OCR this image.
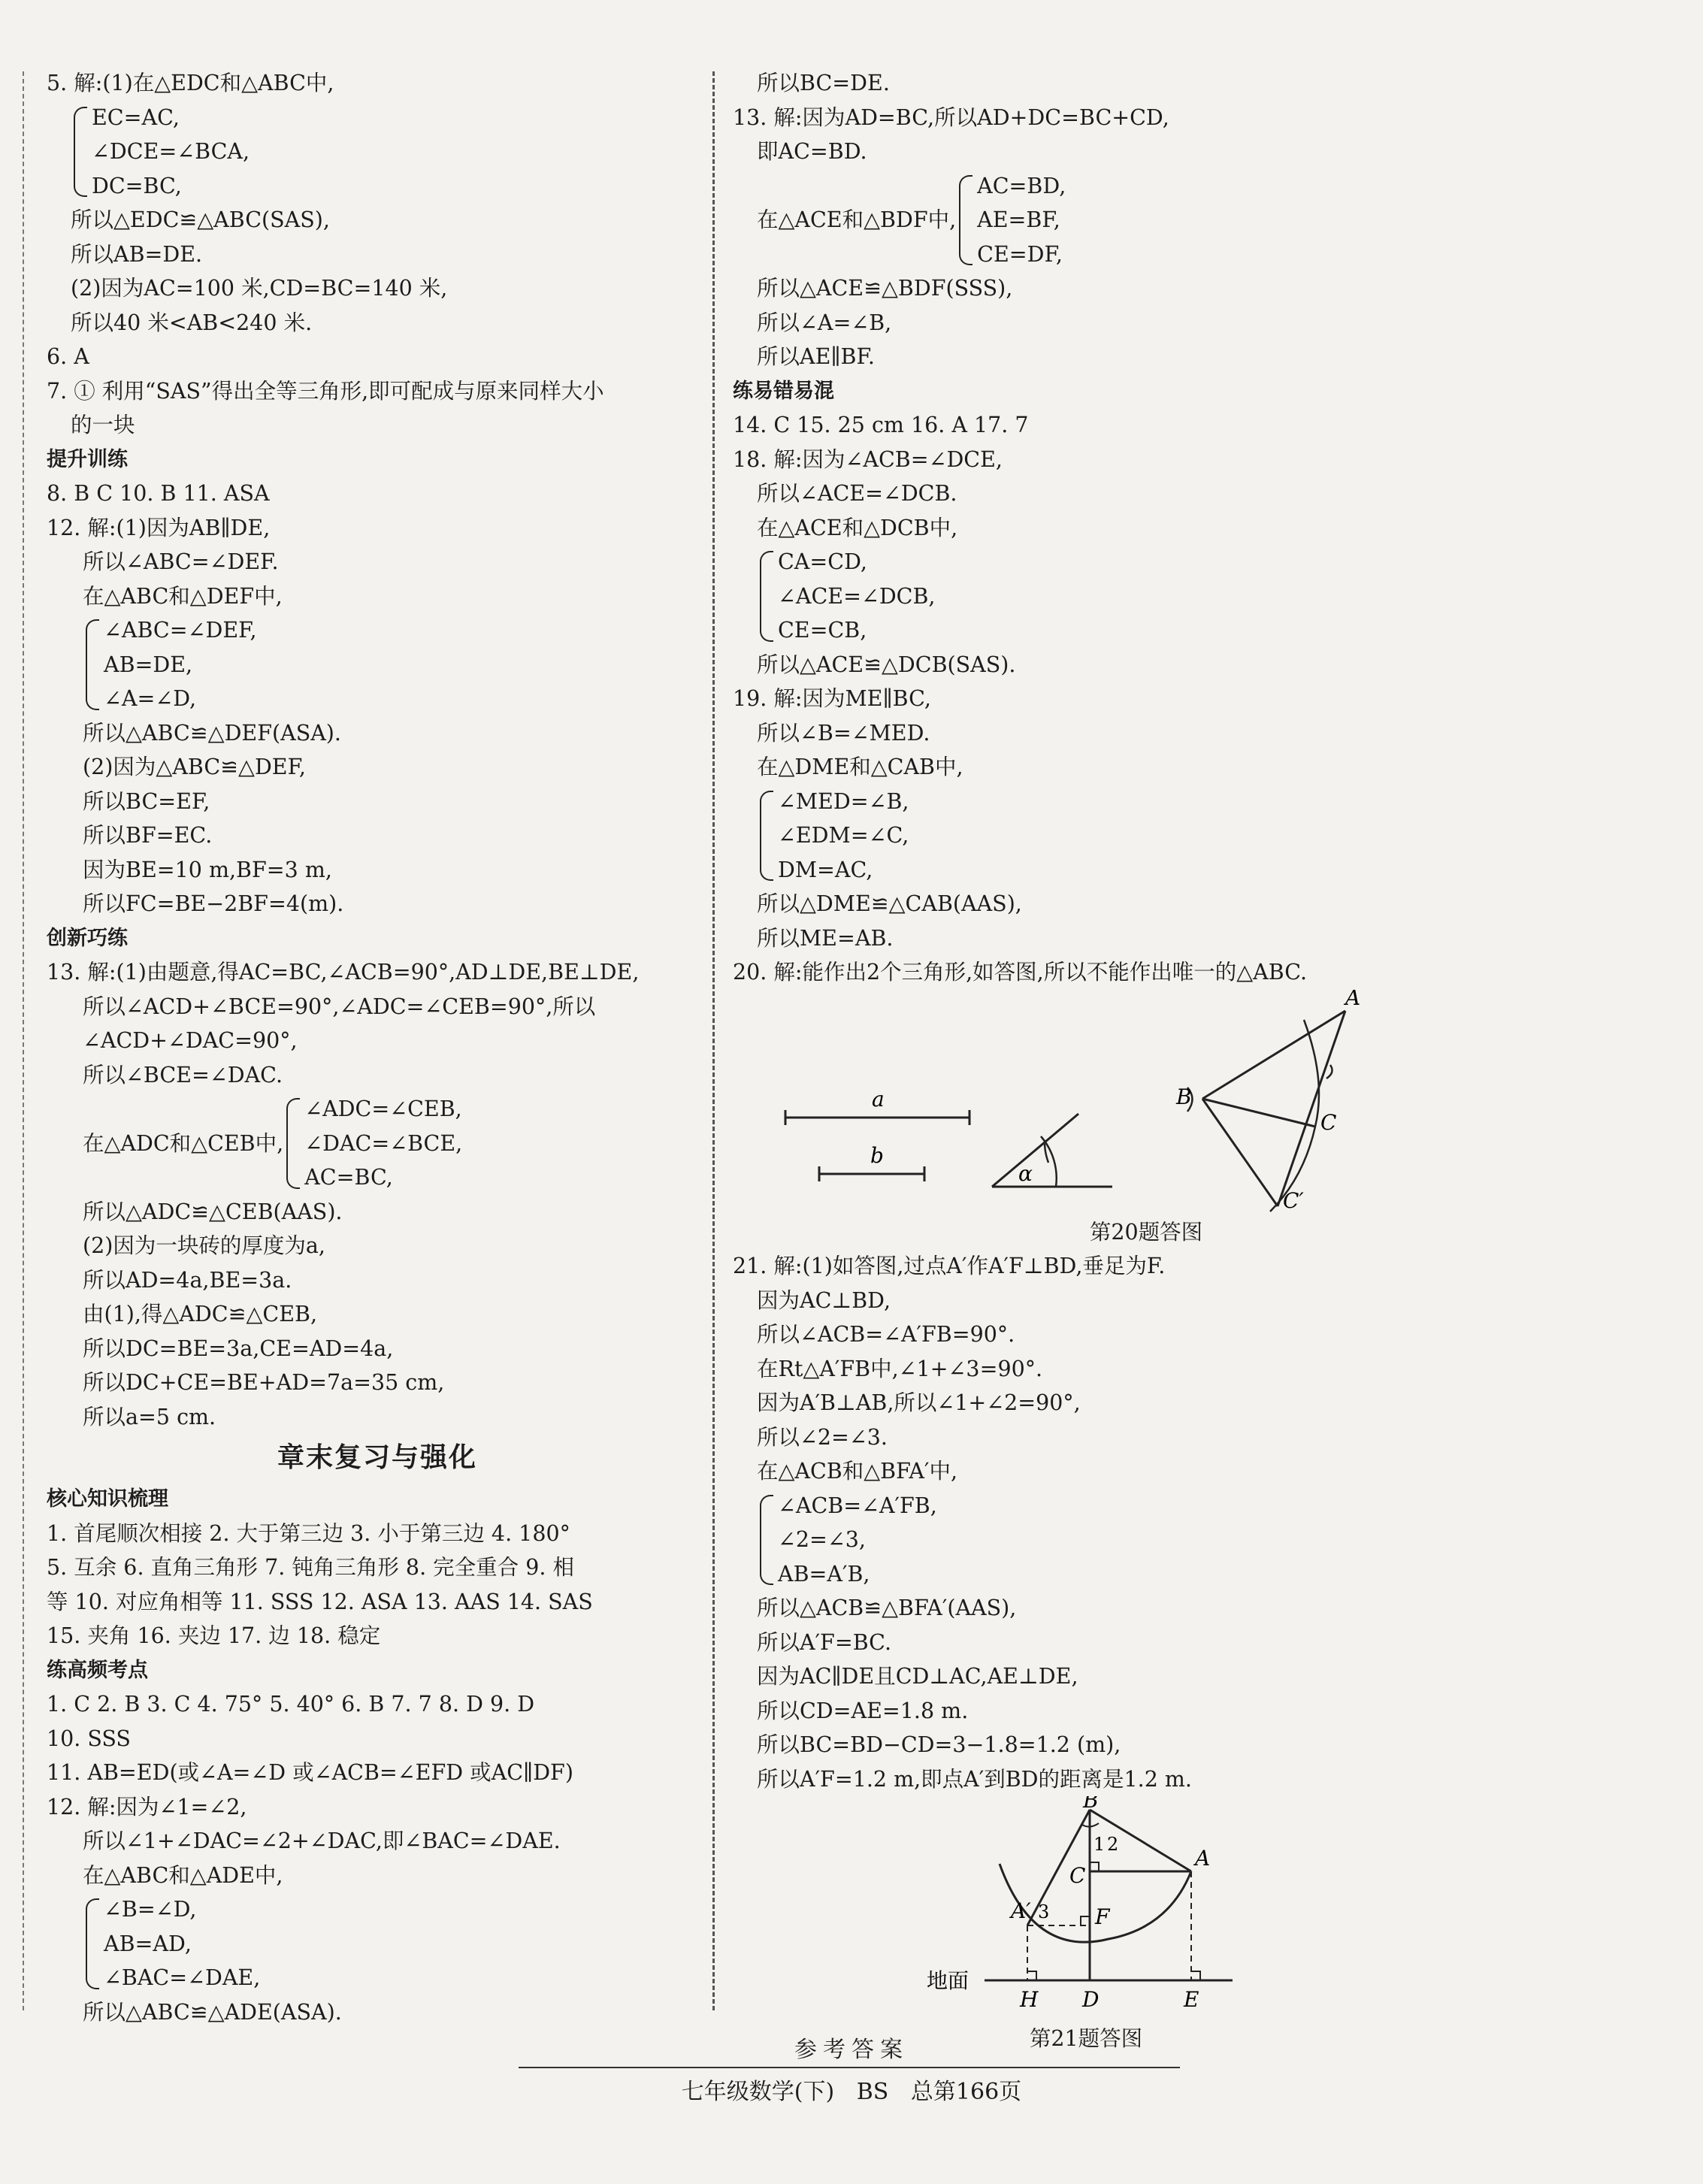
5. 解:(1)在△EDC和△ABC中,
EC=AC,
∠DCE=∠BCA,
DC=BC,
所以△EDC≌△ABC(SAS),
所以AB=DE.
(2)因为AC=100 米,CD=BC=140 米,
所以40 米<AB<240 米.
6. A
7. ① 利用“SAS”得出全等三角形,即可配成与原来同样大小
的一块
提升训练
8. B C 10. B 11. ASA
12. 解:(1)因为AB∥DE,
所以∠ABC=∠DEF.
在△ABC和△DEF中,
∠ABC=∠DEF,
AB=DE,
∠A=∠D,
所以△ABC≌△DEF(ASA).
(2)因为△ABC≌△DEF,
所以BC=EF,
所以BF=EC.
因为BE=10 m,BF=3 m,
所以FC=BE−2BF=4(m).
创新巧练
13. 解:(1)由题意,得AC=BC,∠ACB=90°,AD⊥DE,BE⊥DE,
所以∠ACD+∠BCE=90°,∠ADC=∠CEB=90°,所以
∠ACD+∠DAC=90°,
所以∠BCE=∠DAC.
在△ADC和△CEB中,
∠ADC=∠CEB,
∠DAC=∠BCE,
AC=BC,
所以△ADC≌△CEB(AAS).
(2)因为一块砖的厚度为a,
所以AD=4a,BE=3a.
由(1),得△ADC≌△CEB,
所以DC=BE=3a,CE=AD=4a,
所以DC+CE=BE+AD=7a=35 cm,
所以a=5 cm.
章末复习与强化
核心知识梳理
1. 首尾顺次相接 2. 大于第三边 3. 小于第三边 4. 180°
5. 互余 6. 直角三角形 7. 钝角三角形 8. 完全重合 9. 相
等 10. 对应角相等 11. SSS 12. ASA 13. AAS 14. SAS
15. 夹角 16. 夹边 17. 边 18. 稳定
练高频考点
1. C 2. B 3. C 4. 75° 5. 40° 6. B 7. 7 8. D 9. D
10. SSS
11. AB=ED(或∠A=∠D 或∠ACB=∠EFD 或AC∥DF)
12. 解:因为∠1=∠2,
所以∠1+∠DAC=∠2+∠DAC,即∠BAC=∠DAE.
在△ABC和△ADE中,
∠B=∠D,
AB=AD,
∠BAC=∠DAE,
所以△ABC≌△ADE(ASA).
所以BC=DE.
13. 解:因为AD=BC,所以AD+DC=BC+CD,
即AC=BD.
在△ACE和△BDF中,
AC=BD,
AE=BF,
CE=DF,
所以△ACE≌△BDF(SSS),
所以∠A=∠B,
所以AE∥BF.
练易错易混
14. C 15. 25 cm 16. A 17. 7
18. 解:因为∠ACB=∠DCE,
所以∠ACE=∠DCB.
在△ACE和△DCB中,
CA=CD,
∠ACE=∠DCB,
CE=CB,
所以△ACE≌△DCB(SAS).
19. 解:因为ME∥BC,
所以∠B=∠MED.
在△DME和△CAB中,
∠MED=∠B,
∠EDM=∠C,
DM=AC,
所以△DME≌△CAB(AAS),
所以ME=AB.
20. 解:能作出2个三角形,如答图,所以不能作出唯一的△ABC.
a
b
α
A
B
C
C′
第20题答图
21. 解:(1)如答图,过点A′作A′F⊥BD,垂足为F.
因为AC⊥BD,
所以∠ACB=∠A′FB=90°.
在Rt△A′FB中,∠1+∠3=90°.
因为A′B⊥AB,所以∠1+∠2=90°,
所以∠2=∠3.
在△ACB和△BFA′中,
∠ACB=∠A′FB,
∠2=∠3,
AB=A′B,
所以△ACB≌△BFA′(AAS),
所以A′F=BC.
因为AC∥DE且CD⊥AC,AE⊥DE,
所以CD=AE=1.8 m.
所以BC=BD−CD=3−1.8=1.2 (m),
所以A′F=1.2 m,即点A′到BD的距离是1.2 m.
地面
B
1 2
C
A
A′ 3 F
H D	E
第21题答图
参考答案
七年级数学(下) BS 总第166页
